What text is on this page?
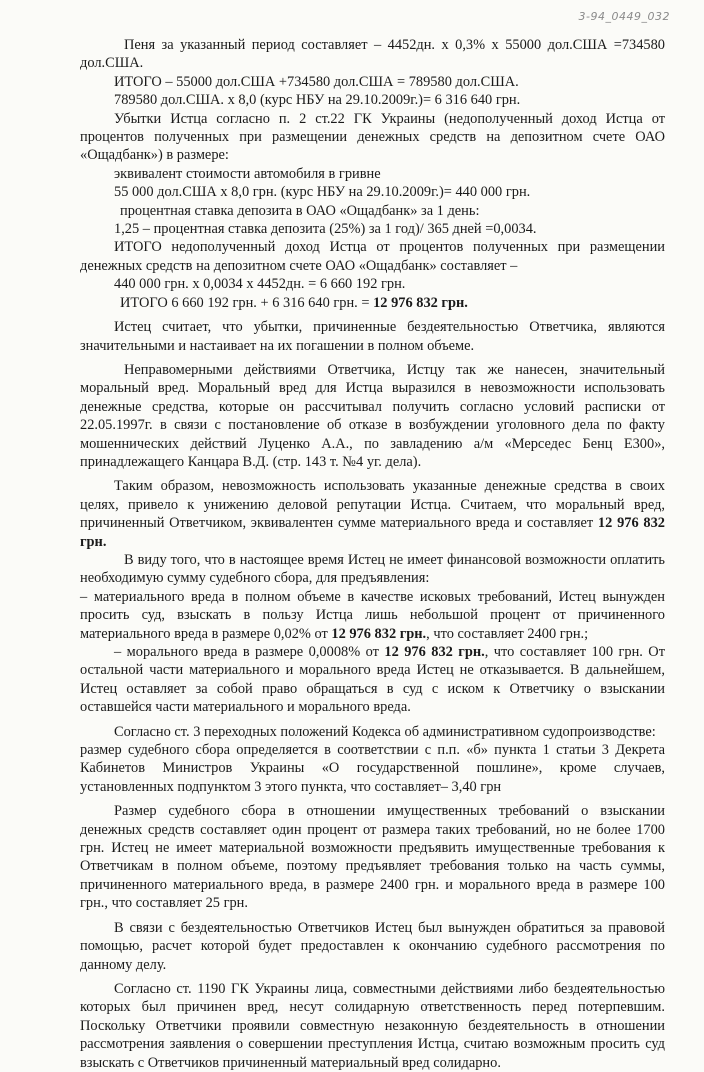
3-94_0449_032

Пеня за указанный период составляет – 4452дн. х 0,3% х 55000 дол.США =734580 дол.США.

ИТОГО – 55000 дол.США +734580 дол.США = 789580 дол.США.

789580 дол.США. х 8,0 (курс НБУ на 29.10.2009г.)= 6 316 640 грн.

Убытки Истца согласно п. 2 ст.22 ГК Украины (недополученный доход Истца от процентов полученных при размещении денежных средств на депозитном счете ОАО «Ощадбанк») в размере:

эквивалент стоимости автомобиля в гривне

55 000 дол.США х 8,0 грн. (курс НБУ на 29.10.2009г.)= 440 000 грн.

процентная ставка депозита в ОАО «Ощадбанк» за 1 день:

1,25 – процентная ставка депозита (25%) за 1 год)/ 365 дней =0,0034.

ИТОГО недополученный доход Истца от процентов полученных при размещении денежных средств на депозитном счете ОАО «Ощадбанк» составляет –

440 000 грн. х 0,0034 х 4452дн. = 6 660 192 грн.

ИТОГО 6 660 192 грн. + 6 316 640 грн. = 12 976 832 грн.

Истец считает, что убытки, причиненные бездеятельностью Ответчика, являются значительными и настаивает на их погашении в полном объеме.

Неправомерными действиями Ответчика, Истцу так же нанесен, значительный моральный вред. Моральный вред для Истца выразился в невозможности использовать денежные средства, которые он рассчитывал получить согласно условий расписки от 22.05.1997г. в связи с постановление об отказе в возбуждении уголовного дела по факту мошеннических действий Луценко А.А., по завладению а/м «Мерседес Бенц Е300», принадлежащего Канцара В.Д. (стр. 143 т. №4 уг. дела).

Таким образом, невозможность использовать указанные денежные средства в своих целях, привело к унижению деловой репутации Истца. Считаем, что моральный вред, причиненный Ответчиком, эквивалентен сумме материального вреда и составляет 12 976 832 грн.

В виду того, что в настоящее время Истец не имеет финансовой возможности оплатить необходимую сумму судебного сбора, для предъявления:

– материального вреда в полном объеме в качестве исковых требований, Истец вынужден просить суд, взыскать в пользу Истца лишь небольшой процент от причиненного материального вреда в размере 0,02% от 12 976 832 грн., что составляет 2400 грн.;

– морального вреда в размере 0,0008% от 12 976 832 грн., что составляет 100 грн. От остальной части материального и морального вреда Истец не отказывается. В дальнейшем, Истец оставляет за собой право обращаться в суд с иском к Ответчику о взыскании оставшейся части материального и морального вреда.

Согласно ст. 3 переходных положений Кодекса об административном судопроизводстве:

размер судебного сбора определяется в соответствии с п.п. «б» пункта 1 статьи 3 Декрета Кабинетов Министров Украины «О государственной пошлине», кроме случаев, установленных подпунктом 3 этого пункта, что составляет– 3,40 грн

Размер судебного сбора в отношении имущественных требований о взыскании денежных средств составляет один процент от размера таких требований, но не более 1700 грн. Истец не имеет материальной возможности предъявить имущественные требования к Ответчикам в полном объеме, поэтому предъявляет требования только на часть суммы, причиненного материального вреда, в размере 2400 грн. и морального вреда в размере 100 грн., что составляет 25 грн.

В связи с бездеятельностью Ответчиков Истец был вынужден обратиться за правовой помощью, расчет которой будет предоставлен к окончанию судебного рассмотрения по данному делу.

Согласно ст. 1190 ГК Украины лица, совместными действиями либо бездеятельностью которых был причинен вред, несут солидарную ответственность перед потерпевшим. Поскольку Ответчики проявили совместную незаконную бездеятельность в отношении рассмотрения заявления о совершении преступления Истца, считаю возможным просить суд взыскать с Ответчиков причиненный материальный вред солидарно.
